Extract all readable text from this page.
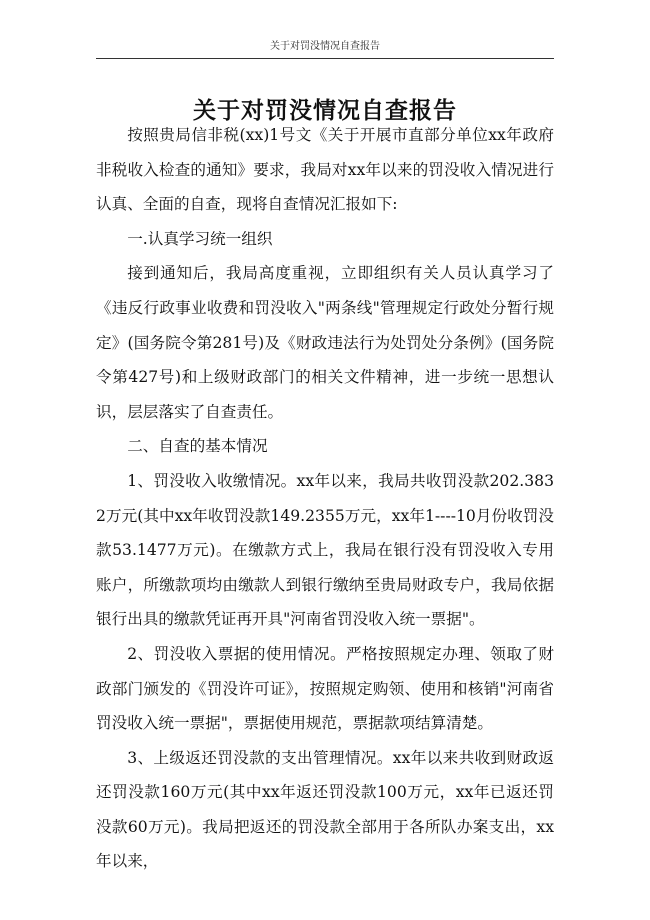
关于对罚没情况自查报告
关于对罚没情况自查报告

按照贵局信非税(xx)1号文《关于开展市直部分单位xx年政府非税收入检查的通知》要求，我局对xx年以来的罚没收入情况进行认真、全面的自查，现将自查情况汇报如下:

一.认真学习统一组织

接到通知后，我局高度重视，立即组织有关人员认真学习了《违反行政事业收费和罚没收入"两条线"管理规定行政处分暂行规定》(国务院令第281号)及《财政违法行为处罚处分条例》(国务院令第427号)和上级财政部门的相关文件精神，进一步统一思想认识，层层落实了自查责任。

二、自查的基本情况

1、罚没收入收缴情况。xx年以来，我局共收罚没款202.3832万元(其中xx年收罚没款149.2355万元，xx年1----10月份收罚没款53.1477万元)。在缴款方式上，我局在银行没有罚没收入专用账户，所缴款项均由缴款人到银行缴纳至贵局财政专户，我局依据银行出具的缴款凭证再开具"河南省罚没收入统一票据"。

2、罚没收入票据的使用情况。严格按照规定办理、领取了财政部门颁发的《罚没许可证》，按照规定购领、使用和核销"河南省罚没收入统一票据"，票据使用规范，票据款项结算清楚。

3、上级返还罚没款的支出管理情况。xx年以来共收到财政返还罚没款160万元(其中xx年返还罚没款100万元，xx年已返还罚没款60万元)。我局把返还的罚没款全部用于各所队办案支出，xx年以来，
